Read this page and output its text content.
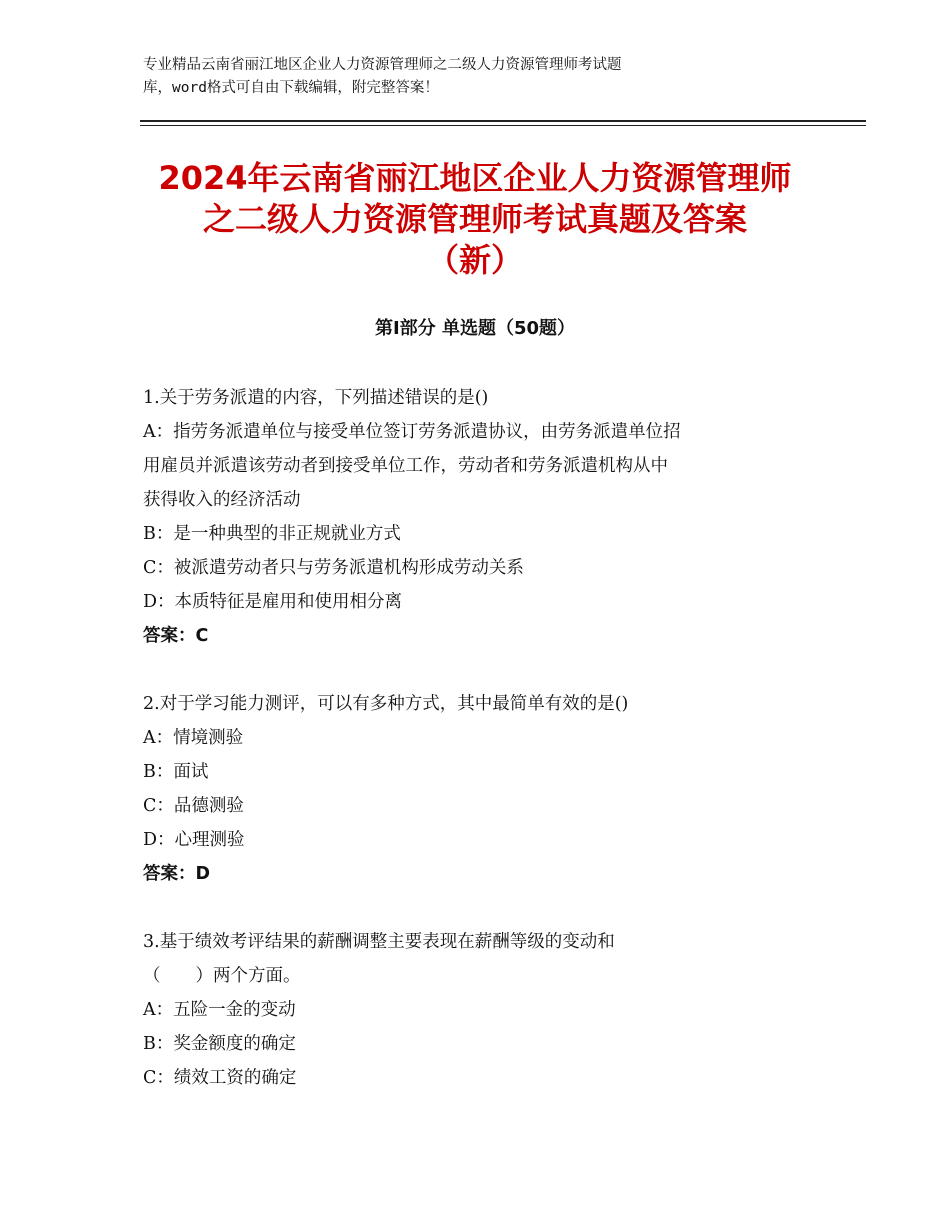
专业精品云南省丽江地区企业人力资源管理师之二级人力资源管理师考试题
库，word格式可自由下载编辑，附完整答案！
2024年云南省丽江地区企业人力资源管理师
之二级人力资源管理师考试真题及答案
（新）
第Ⅰ部分 单选题（50题）
1.关于劳务派遣的内容，下列描述错误的是()
A：指劳务派遣单位与接受单位签订劳务派遣协议，由劳务派遣单位招
用雇员并派遣该劳动者到接受单位工作，劳动者和劳务派遣机构从中
获得收入的经济活动
B：是一种典型的非正规就业方式
C：被派遣劳动者只与劳务派遣机构形成劳动关系
D：本质特征是雇用和使用相分离
答案：C
2.对于学习能力测评，可以有多种方式，其中最简单有效的是()
A：情境测验
B：面试
C：品德测验
D：心理测验
答案：D
3.基于绩效考评结果的薪酬调整主要表现在薪酬等级的变动和
（　　）两个方面。
A：五险一金的变动
B：奖金额度的确定
C：绩效工资的确定
